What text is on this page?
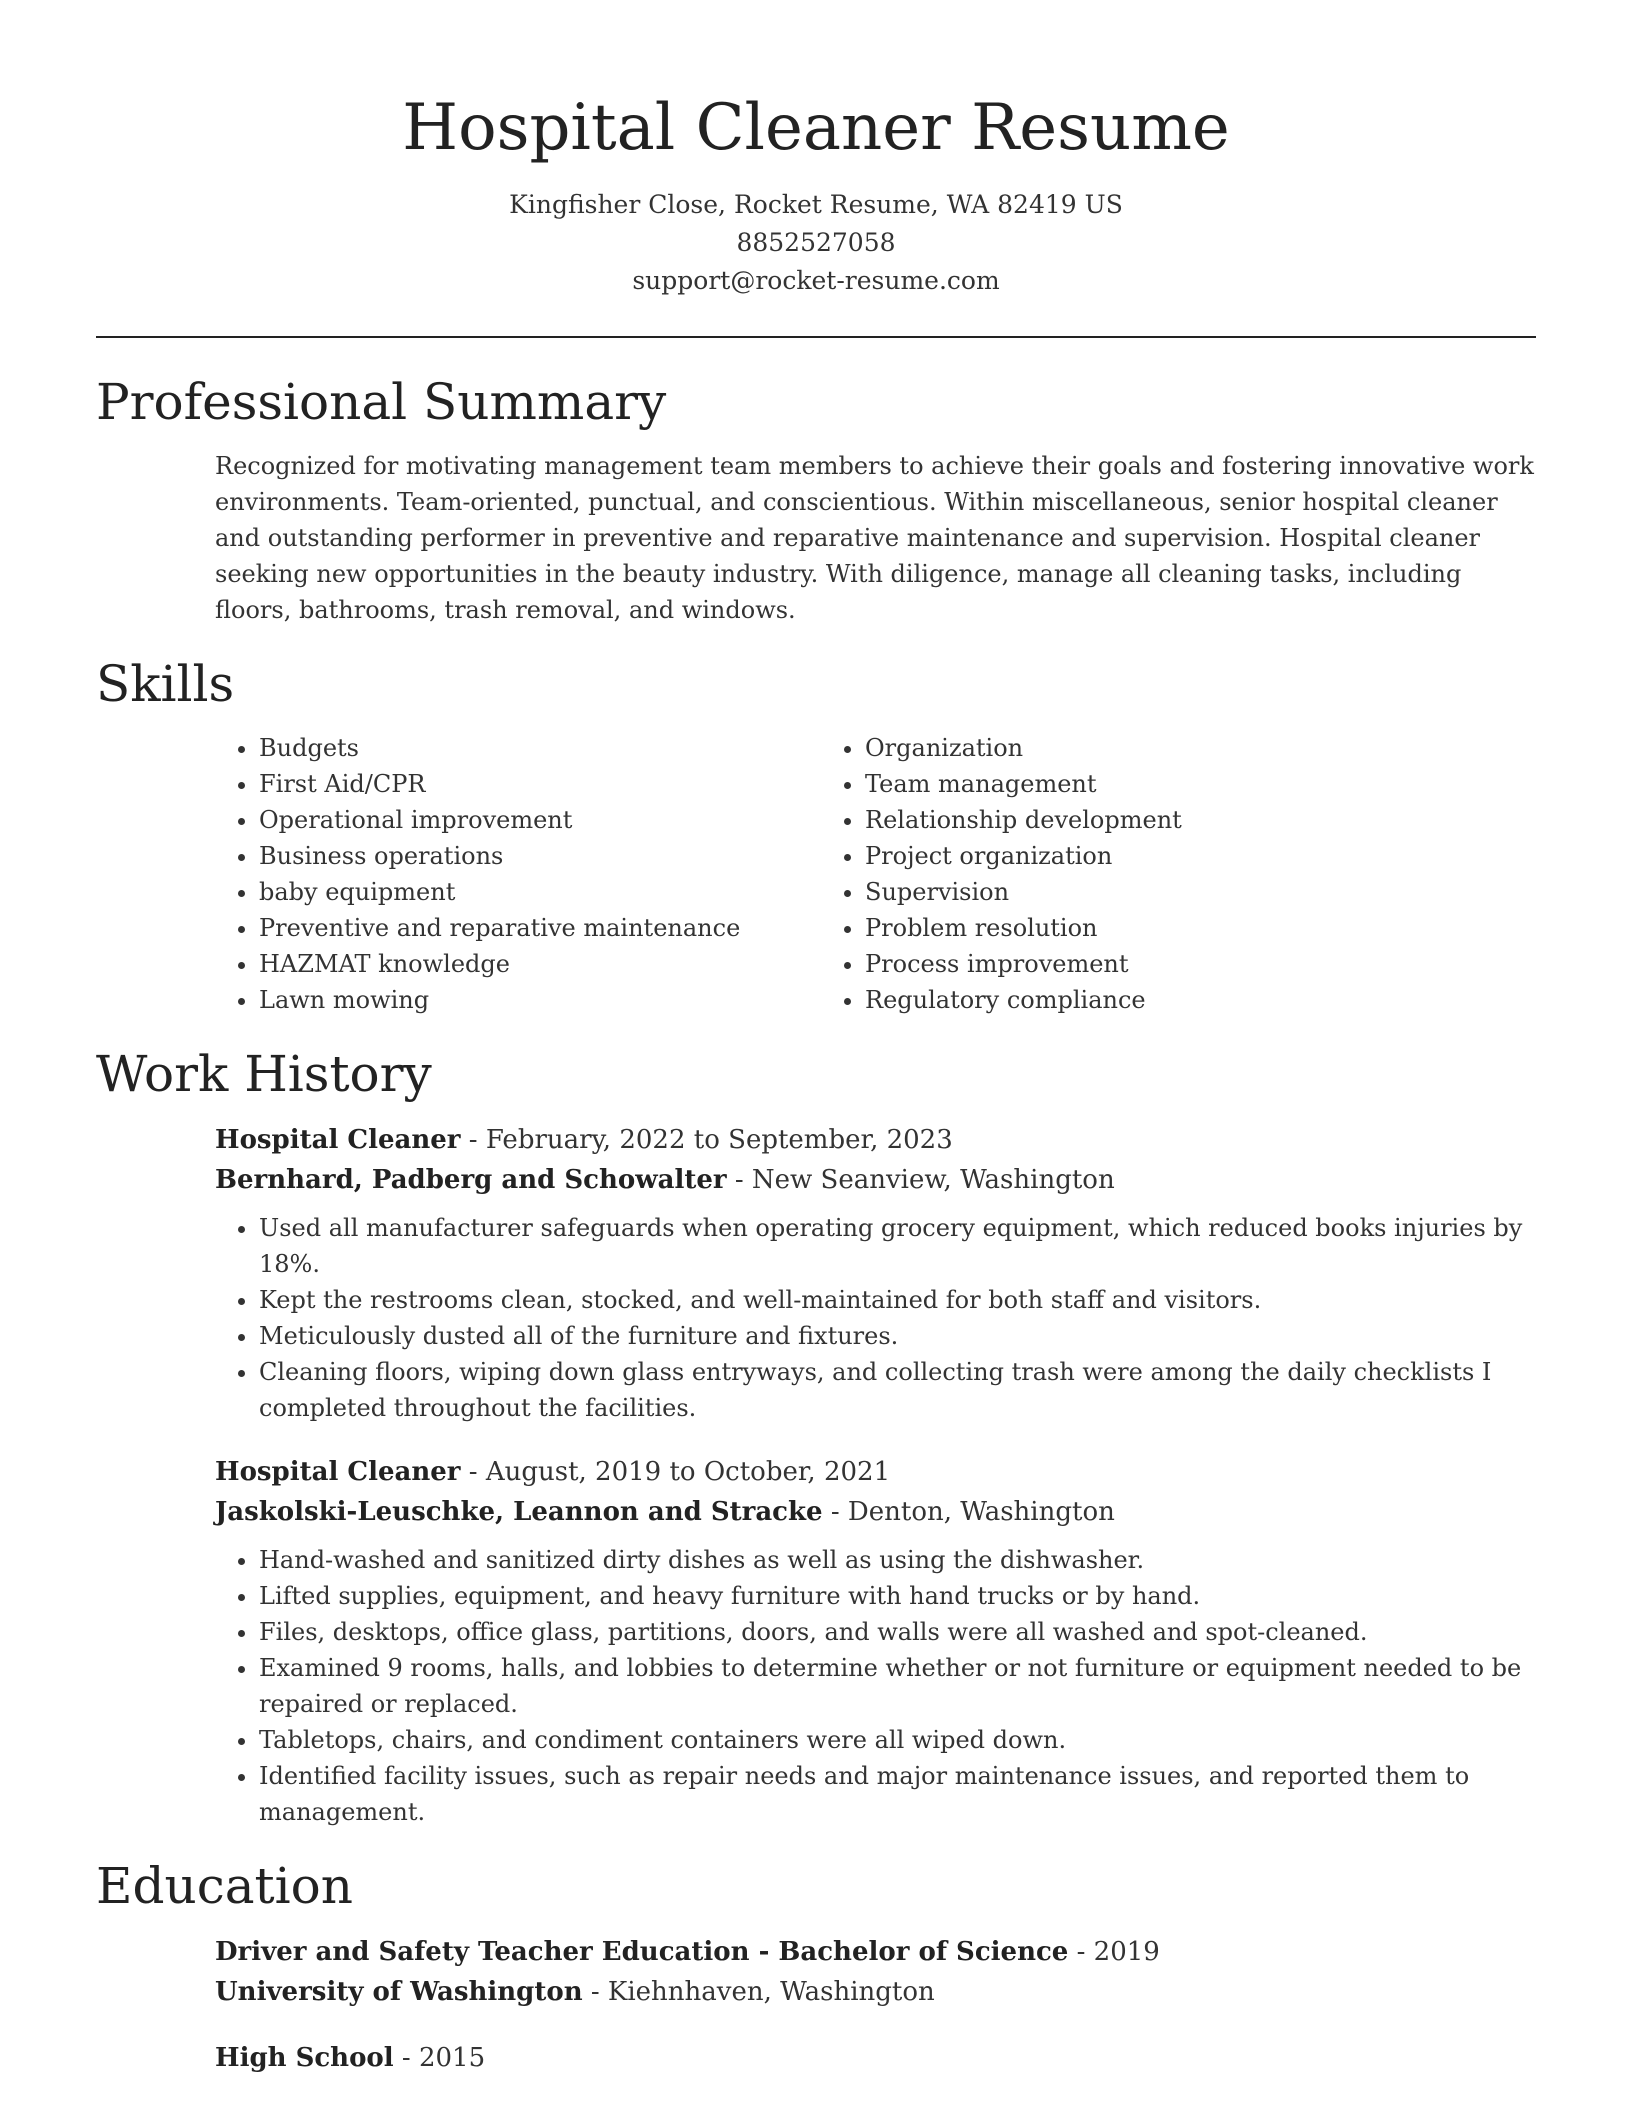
Hospital Cleaner Resume
Kingfisher Close, Rocket Resume, WA 82419 US
8852527058
support@rocket-resume.com
Professional Summary

Recognized for motivating management team members to achieve their goals and fostering innovative work environments. Team-oriented, punctual, and conscientious. Within miscellaneous, senior hospital cleaner and outstanding performer in preventive and reparative maintenance and supervision. Hospital cleaner seeking new opportunities in the beauty industry. With diligence, manage all cleaning tasks, including floors, bathrooms, trash removal, and windows.

Skills
• Budgets
• First Aid/CPR
• Operational improvement
• Business operations
• baby equipment
• Preventive and reparative maintenance
• HAZMAT knowledge
• Lawn mowing
• Organization
• Team management
• Relationship development
• Project organization
• Supervision
• Problem resolution
• Process improvement
• Regulatory compliance
Work History
Hospital Cleaner - February, 2022 to September, 2023
Bernhard, Padberg and Schowalter - New Seanview, Washington
• Used all manufacturer safeguards when operating grocery equipment, which reduced books injuries by 18%.
• Kept the restrooms clean, stocked, and well-maintained for both staff and visitors.
• Meticulously dusted all of the furniture and fixtures.
• Cleaning floors, wiping down glass entryways, and collecting trash were among the daily checklists I completed throughout the facilities.
Hospital Cleaner - August, 2019 to October, 2021
Jaskolski-Leuschke, Leannon and Stracke - Denton, Washington
• Hand-washed and sanitized dirty dishes as well as using the dishwasher.
• Lifted supplies, equipment, and heavy furniture with hand trucks or by hand.
• Files, desktops, office glass, partitions, doors, and walls were all washed and spot-cleaned.
• Examined 9 rooms, halls, and lobbies to determine whether or not furniture or equipment needed to be repaired or replaced.
• Tabletops, chairs, and condiment containers were all wiped down.
• Identified facility issues, such as repair needs and major maintenance issues, and reported them to management.
Education
Driver and Safety Teacher Education - Bachelor of Science - 2019
University of Washington - Kiehnhaven, Washington
High School - 2015
